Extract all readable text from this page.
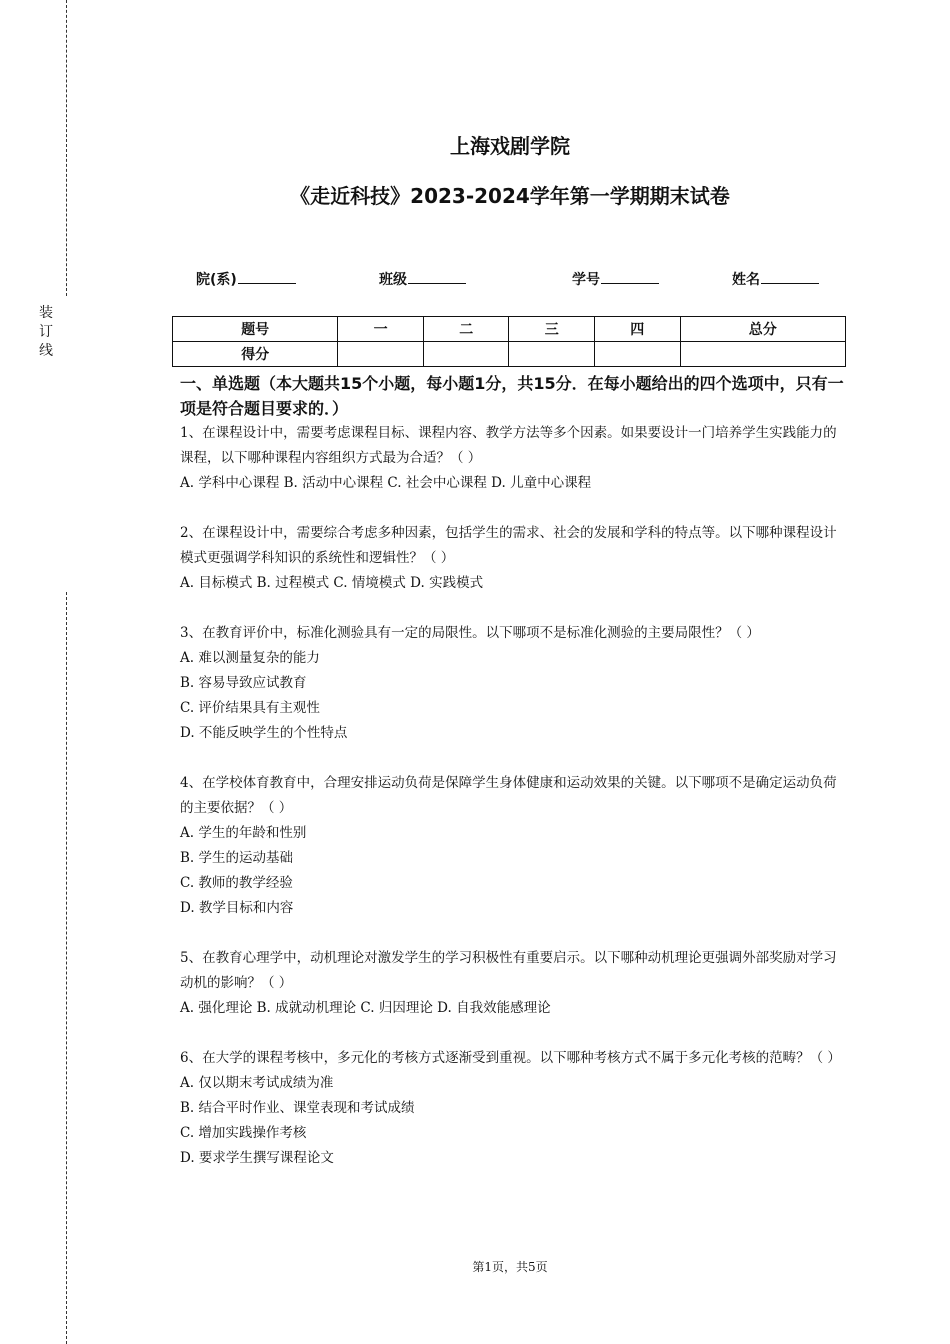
装
订
线
上海戏剧学院
《走近科技》2023-2024学年第一学期期末试卷
院(系)	班级	学号	姓名
题号	一	二	三	四	总分
得分					

一、单选题（本大题共15个小题，每小题1分，共15分．在每小题给出的四个选项中，只有一项是符合题目要求的．）

1、在课程设计中，需要考虑课程目标、课程内容、教学方法等多个因素。如果要设计一门培养学生实践能力的课程，以下哪种课程内容组织方式最为合适？（ ）

A. 学科中心课程 B. 活动中心课程 C. 社会中心课程 D. 儿童中心课程

2、在课程设计中，需要综合考虑多种因素，包括学生的需求、社会的发展和学科的特点等。以下哪种课程设计模式更强调学科知识的系统性和逻辑性？（ ）

A. 目标模式 B. 过程模式 C. 情境模式 D. 实践模式

3、在教育评价中，标准化测验具有一定的局限性。以下哪项不是标准化测验的主要局限性？（ ）

A. 难以测量复杂的能力

B. 容易导致应试教育

C. 评价结果具有主观性

D. 不能反映学生的个性特点

4、在学校体育教育中，合理安排运动负荷是保障学生身体健康和运动效果的关键。以下哪项不是确定运动负荷的主要依据？（ ）

A. 学生的年龄和性别

B. 学生的运动基础

C. 教师的教学经验

D. 教学目标和内容

5、在教育心理学中，动机理论对激发学生的学习积极性有重要启示。以下哪种动机理论更强调外部奖励对学习动机的影响？（ ）

A. 强化理论 B. 成就动机理论 C. 归因理论 D. 自我效能感理论

6、在大学的课程考核中，多元化的考核方式逐渐受到重视。以下哪种考核方式不属于多元化考核的范畴？（ ）

A. 仅以期末考试成绩为准

B. 结合平时作业、课堂表现和考试成绩

C. 增加实践操作考核

D. 要求学生撰写课程论文

第1页，共5页
